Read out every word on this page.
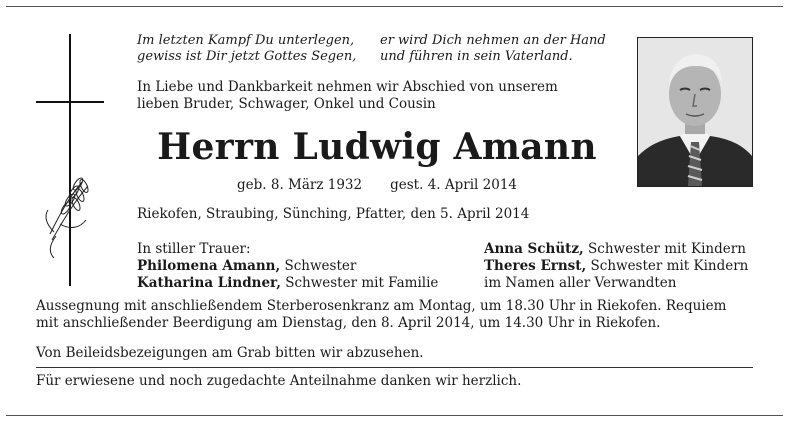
Im letzten Kampf Du unterlegen,
gewiss ist Dir jetzt Gottes Segen,
er wird Dich nehmen an der Hand
und führen in sein Vaterland.
In Liebe und Dankbarkeit nehmen wir Abschied von unserem
lieben Bruder, Schwager, Onkel und Cousin
Herrn Ludwig Amann
geb. 8. März 1932 gest. 4. April 2014
Riekofen, Straubing, Sünching, Pfatter, den 5. April 2014
In stiller Trauer:
Philomena Amann, Schwester
Katharina Lindner, Schwester mit Familie
Anna Schütz, Schwester mit Kindern
Theres Ernst, Schwester mit Kindern
im Namen aller Verwandten
Aussegnung mit anschließendem Sterberosenkranz am Montag, um 18.30 Uhr in Riekofen. Requiem
mit anschließender Beerdigung am Dienstag, den 8. April 2014, um 14.30 Uhr in Riekofen.
Von Beileidsbezeigungen am Grab bitten wir abzusehen.
Für erwiesene und noch zugedachte Anteilnahme danken wir herzlich.
